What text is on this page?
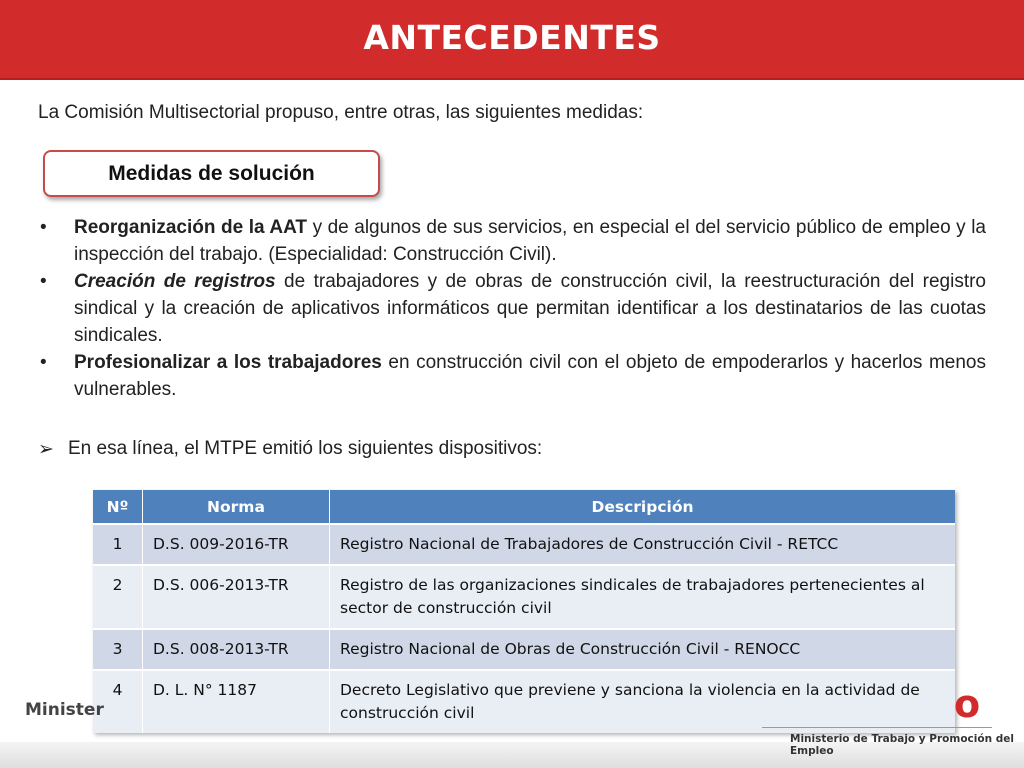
ANTECEDENTES
La Comisión Multisectorial propuso, entre otras, las siguientes medidas:
Medidas de solución
•	Reorganización de la AAT y de algunos de sus servicios, en especial el del servicio público de empleo y la inspección del trabajo. (Especialidad: Construcción Civil).
•	Creación de registros de trabajadores y de obras de construcción civil, la reestructuración del registro sindical y la creación de aplicativos informáticos que permitan identificar a los destinatarios de las cuotas sindicales.
•	Profesionalizar a los trabajadores en construcción civil con el objeto de empoderarlos y hacerlos menos vulnerables.
➢ En esa línea, el MTPE emitió los siguientes dispositivos:
Nº	Norma	Descripción
1	D.S. 009-2016-TR	Registro Nacional de Trabajadores de Construcción Civil - RETCC
2	D.S. 006-2013-TR	Registro de las organizaciones sindicales de trabajadores pertenecientes al sector de construcción civil
3	D.S. 008-2013-TR	Registro Nacional de Obras de Construcción Civil - RENOCC
4	D. L. N° 1187	Decreto Legislativo que previene y sanciona la violencia en la actividad de construcción civil
Minister	o
Ministerio de Trabajo y Promoción del Empleo
